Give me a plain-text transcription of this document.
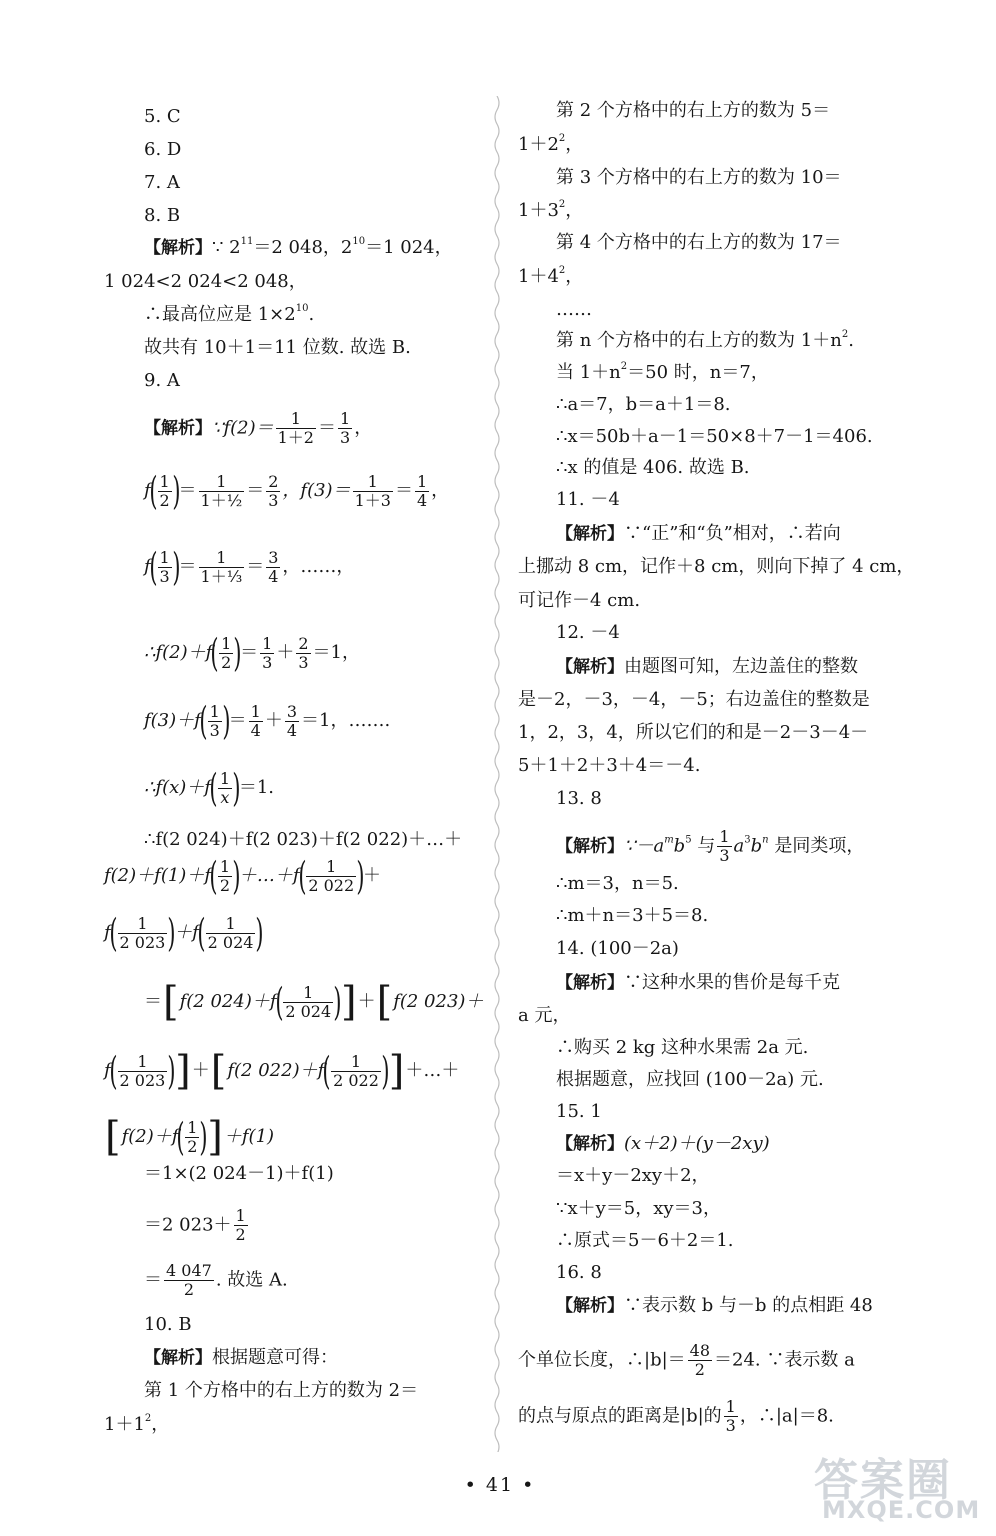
5. C
6. D
7. A
8. B
【解析】∵ $2^{11}=2$ 048，$2^{10}=1$ 024，
1 024<2 024<2 048，
∴最高位应是 $1\times 2^{10}$.
故共有 10＋1＝11 位数. 故选 B.
9. A
【解析】∵f(2)＝ $\frac{1}{1+2} = \frac{1}{3}$ ，
$f( \frac{1}{2}$ )＝ $\frac{1}{\text{1＋½}} = \frac{2}{3}$ ，$f(3)= \frac{1}{1+3} = \frac{1}{4}$ ，
$f( \frac{1}{3}$ )＝ $\frac{1}{\text{1＋⅓}} = \frac{3}{4}$ ，……，
∴f(2)＋f( $\frac{1}{2}$ )＝ $\frac{1}{3} + \frac{2}{3} =1$，
$f(3)+f( \frac{1}{3}$ )＝ $\frac{1}{4} + \frac{3}{4} =1$，…….
∴f(x)＋f( $\frac{1}{x} )=1$.
∴f(2 024)＋f(2 023)＋f(2 022)＋…＋
$f(2)+f(1)+f( \frac{1}{2}$ )＋…＋f( $\frac{1}{2 022}$ )＋
$f( \frac{1}{2 023} )+f( \frac{1}{2 024}$ )
＝[f(2 $024)+f( \frac{1}{2 024} )]+[f(2$ 023)＋
$f( \frac{1}{2 023} )]+[f(2$ $022)+f( \frac{1}{2 022}$ )]＋…＋
$[f(2)+f( \frac{1}{2} )]+f(1)$
＝1×(2 024－1)＋f(1)
＝2 $023+ \frac{1}{2}$
＝ $\frac{4 047}{2}$ . 故选 A.
10. B
【解析】根据题意可得：
第 1 个方格中的右上方的数为 2＝
$1+1^2$，
第 2 个方格中的右上方的数为 5＝
$1+2^2$，
第 3 个方格中的右上方的数为 10＝
$1+3^2$，
第 4 个方格中的右上方的数为 17＝
$1+4^2$，
……
第 n 个方格中的右上方的数为 $1+n^2$.
当 $1+n^2=50$ 时，n＝7，
∴a＝7，b＝a＋1＝8.
∴x＝50b＋a－1＝50×8＋7－1＝406.
∴x 的值是 406. 故选 B.
11. －4
【解析】∵“正”和“负”相对，∴若向
上挪动 8 cm，记作＋8 cm，则向下掉了 4 cm，
可记作－4 cm.
12. －4
【解析】由题图可知，左边盖住的整数
是－2，－3，－4，－5；右边盖住的整数是
1，2，3，4，所以它们的和是－2－3－4－
5＋1＋2＋3＋4＝－4.
13. 8
【解析】$\because-a^mb^5$ 与 $\frac{1}{3} a^3b^n$ 是同类项，
∴m＝3，n＝5.
∴m＋n＝3＋5＝8.
14. (100－2a)
【解析】∵这种水果的售价是每千克
a 元，
∴购买 2 kg 这种水果需 2a 元.
根据题意，应找回 (100－2a) 元.
15. 1
【解析】(x＋2)＋(y－2xy)
＝x＋y－2xy＋2，
∵x＋y＝5，xy＝3，
∴原式＝5－6＋2＝1.
16. 8
【解析】∵表示数 b 与－b 的点相距 48
个单位长度，∴|b|＝ $\frac{48}{2} =24$. ∵表示数 a
的点与原点的距离是|b|的 $\frac{1}{3}$ ，∴|a|＝8.
• 41 •	答案圈
MXQE.COM
